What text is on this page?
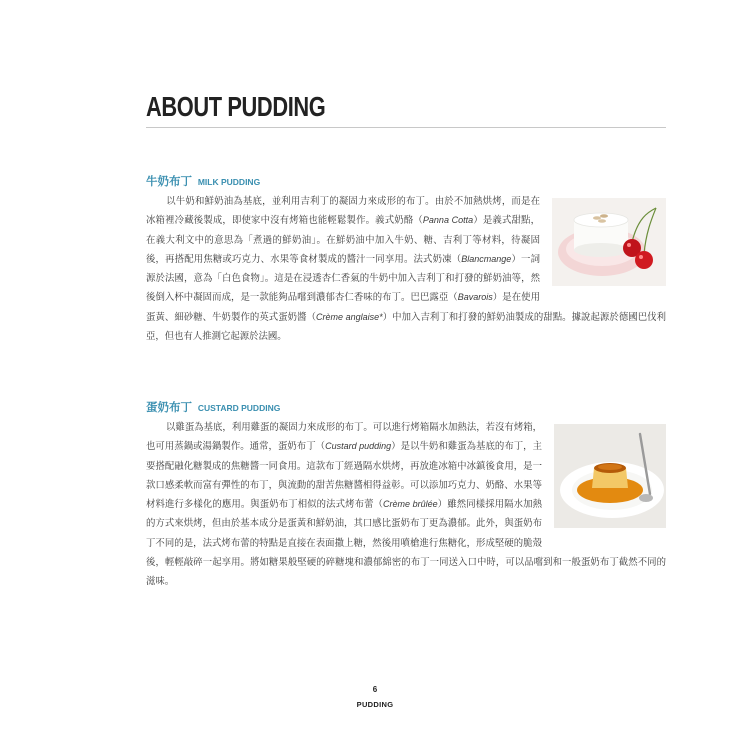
ABOUT PUDDING
牛奶布丁 MILK PUDDING

以牛奶和鮮奶油為基底，並利用吉利丁的凝固力來成形的布丁。由於不加熱烘烤，而是在冰箱裡冷藏後製成，即使家中沒有烤箱也能輕鬆製作。義式奶酪（Panna Cotta）是義式甜點，在義大利文中的意思為「煮過的鮮奶油」。在鮮奶油中加入牛奶、糖、吉利丁等材料，待凝固後，再搭配用焦糖或巧克力、水果等食材製成的醬汁一同享用。法式奶凍（Blancmange）一詞源於法國，意為「白色食物」。這是在浸透杏仁香氣的牛奶中加入吉利丁和打發的鮮奶油等，然後倒入杯中凝固而成，是一款能夠品嚐到濃郁杏仁香味的布丁。巴巴露亞（Bavarois）是在使用蛋黃、細砂糖、牛奶製作的英式蛋奶醬（Crème anglaise*）中加入吉利丁和打發的鮮奶油製成的甜點。據說起源於德國巴伐利亞，但也有人推測它起源於法國。

蛋奶布丁 CUSTARD PUDDING

以雞蛋為基底，利用雞蛋的凝固力來成形的布丁。可以進行烤箱隔水加熱法，若沒有烤箱，也可用蒸鍋或湯鍋製作。通常，蛋奶布丁（Custard pudding）是以牛奶和雞蛋為基底的布丁，主要搭配融化糖製成的焦糖醬一同食用。這款布丁經過隔水烘烤，再放進冰箱中冰鎮後食用，是一款口感柔軟而富有彈性的布丁，與流動的甜苦焦糖醬相得益彰。可以添加巧克力、奶酪、水果等材料進行多樣化的應用。與蛋奶布丁相似的法式烤布蕾（Crème brûlée）雖然同樣採用隔水加熱的方式來烘烤，但由於基本成分是蛋黃和鮮奶油，其口感比蛋奶布丁更為濃郁。此外，與蛋奶布丁不同的是，法式烤布蕾的特點是直接在表面撒上糖，然後用噴槍進行焦糖化，形成堅硬的脆殼後，輕輕敲碎一起享用。將如糖果般堅硬的碎糖塊和濃郁綿密的布丁一同送入口中時，可以品嚐到和一般蛋奶布丁截然不同的滋味。

6
PUDDING
